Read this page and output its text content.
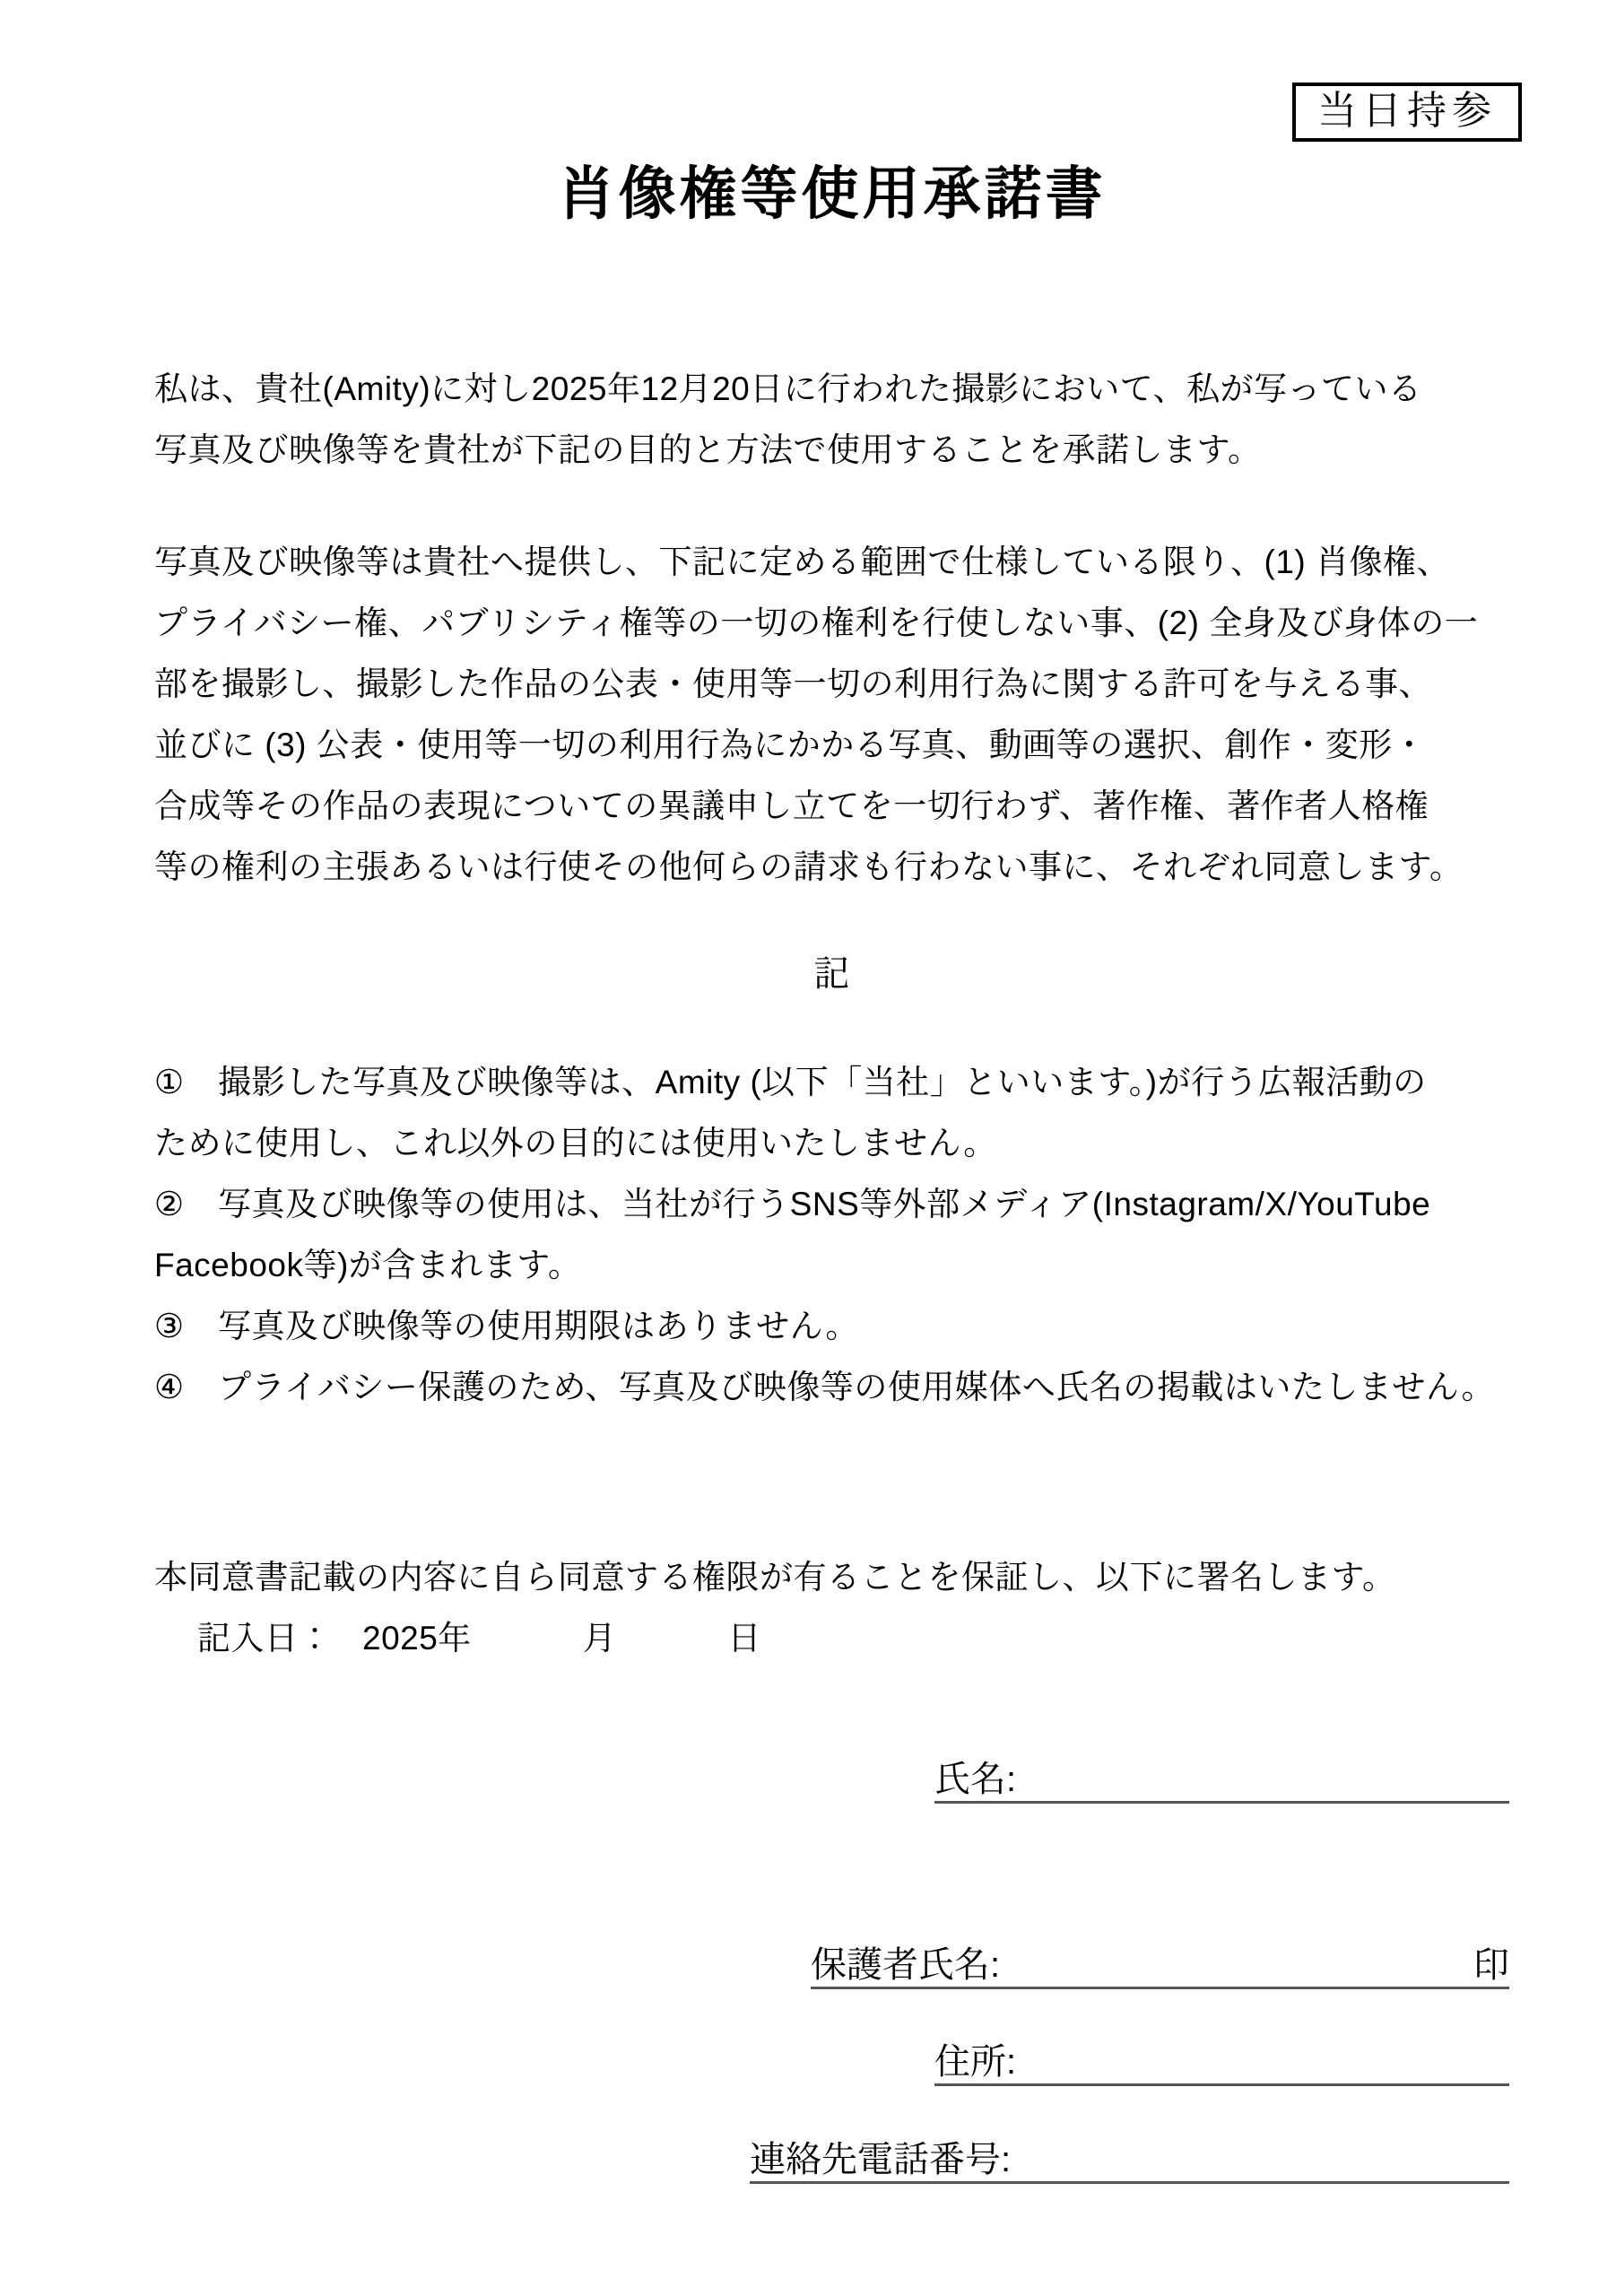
当日持参
肖像権等使用承諾書
私は、貴社(Amity)に対し2025年12月20日に行われた撮影において、私が写っている
写真及び映像等を貴社が下記の目的と方法で使用することを承諾します。
写真及び映像等は貴社へ提供し、下記に定める範囲で仕様している限り、(1) 肖像権、
プライバシー権、パブリシティ権等の一切の権利を行使しない事、(2) 全身及び身体の一
部を撮影し、撮影した作品の公表・使用等一切の利用行為に関する許可を与える事、
並びに (3) 公表・使用等一切の利用行為にかかる写真、動画等の選択、創作・変形・
合成等その作品の表現についての異議申し立てを一切行わず、著作権、著作者人格権
等の権利の主張あるいは行使その他何らの請求も行わない事に、それぞれ同意します。
記
①　撮影した写真及び映像等は、Amity (以下「当社」といいます。)が行う広報活動の
ために使用し、これ以外の目的には使用いたしません。
②　写真及び映像等の使用は、当社が行うSNS等外部メディア(Instagram/X/YouTube
Facebook等)が含まれます。
③　写真及び映像等の使用期限はありません。
④　プライバシー保護のため、写真及び映像等の使用媒体へ氏名の掲載はいたしません。
本同意書記載の内容に自ら同意する権限が有ることを保証し、以下に署名します。
記入日： 2025年	月	日
氏名:
保護者氏名:	印
住所:
連絡先電話番号:
